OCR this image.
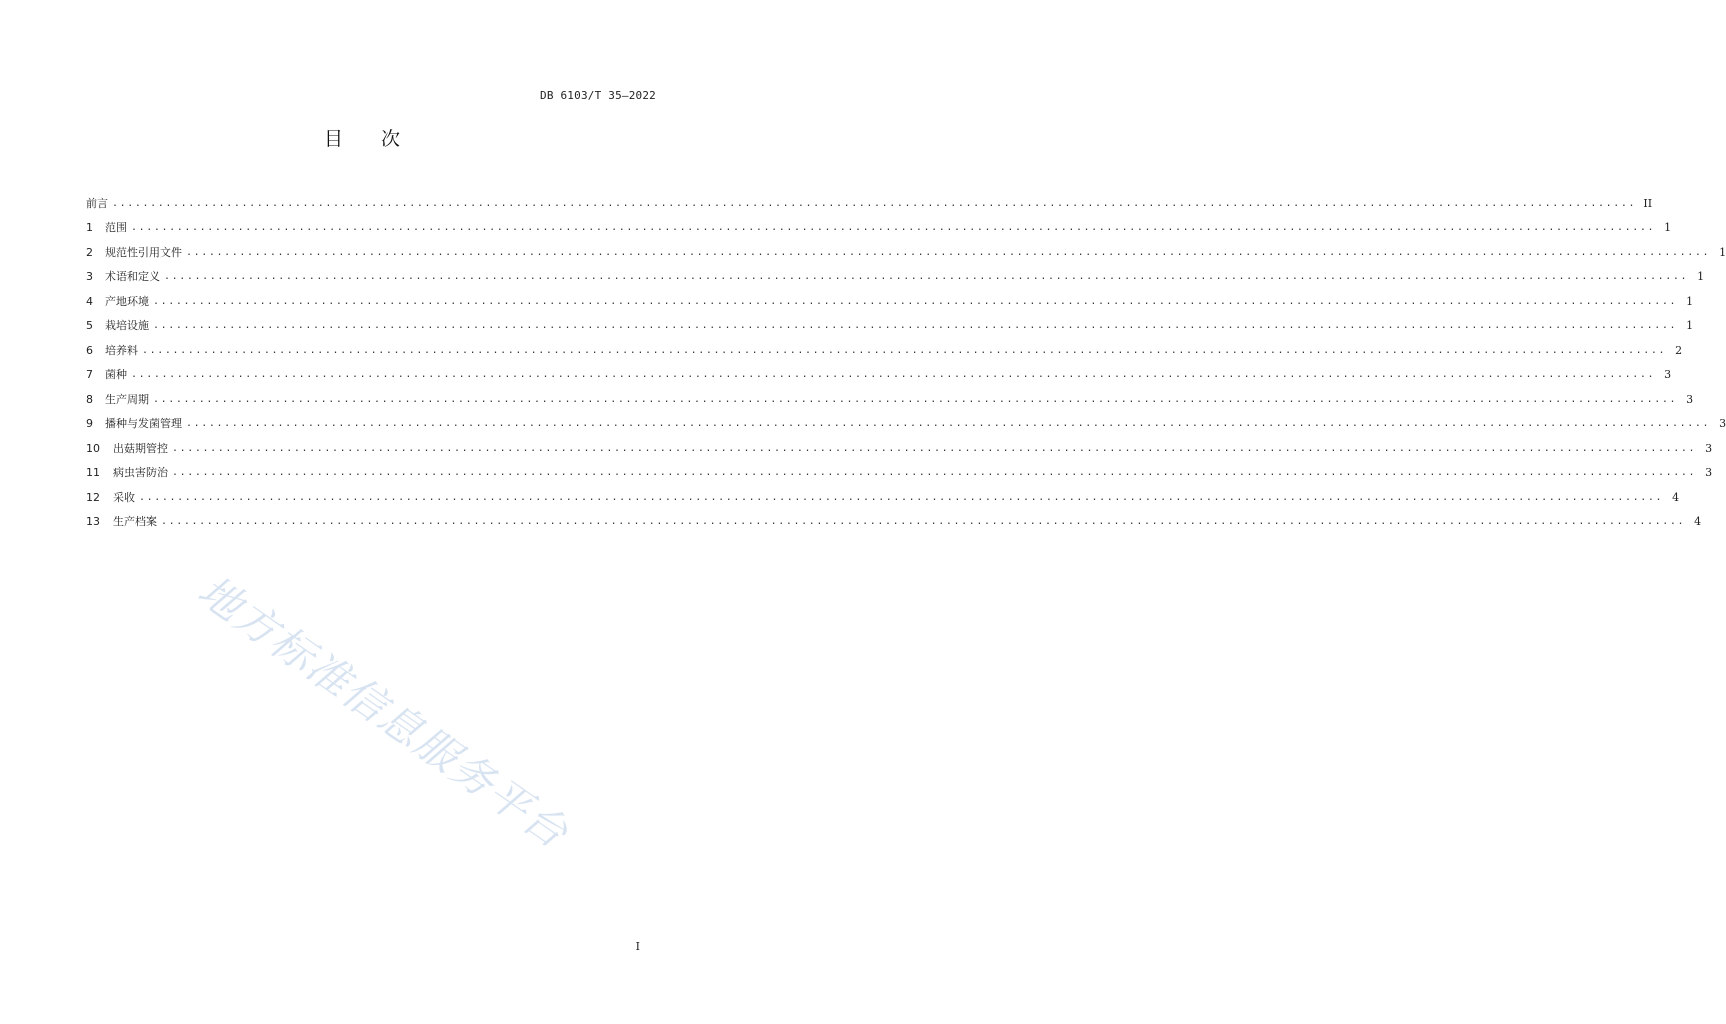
DB 6103/T 35—2022
目　　次
前言 ........................................................................................................................................................................................................ II
1	范围 ........................................................................................................................................................................................................ 1
2	规范性引用文件 ........................................................................................................................................................................................................ 1
3	术语和定义 ........................................................................................................................................................................................................ 1
4	产地环境 ........................................................................................................................................................................................................ 1
5	栽培设施 ........................................................................................................................................................................................................ 1
6	培养料 ........................................................................................................................................................................................................ 2
7	菌种 ........................................................................................................................................................................................................ 3
8	生产周期 ........................................................................................................................................................................................................ 3
9	播种与发菌管理 ........................................................................................................................................................................................................ 3
10	出菇期管控 ........................................................................................................................................................................................................ 3
11	病虫害防治 ........................................................................................................................................................................................................ 3
12	采收 ........................................................................................................................................................................................................ 4
13	生产档案 ........................................................................................................................................................................................................ 4
地方标准信息服务平台
I
